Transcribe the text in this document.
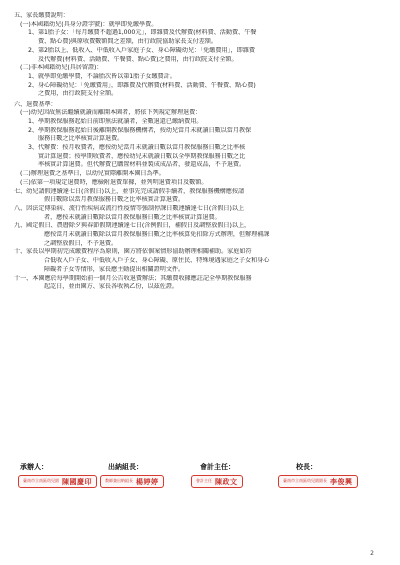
五、家長繳費說明：
(一)本國籍幼兒(具身分證字號)：就學即免繳學費。
1、第1胎子女：「每月繳費不超過1,000元」，即雜費及代辦費(材料費、活動費、午餐
費、點心費)與原收費數額間之差額，由行政院協助家長支付差額。
2、第2胎以上、低收入、中低收入戶家庭子女、身心障礙幼兒：「免繳費用」，即雜費
及代辦費(材料費、活動費、午餐費、點心費)之費用，由行政院支付全額。
(二)非本國籍幼兒(具居留證)：
1、就學即免繳學費，不論胎次皆以第1胎子女繳費計。
2、身心障礙幼兒：「免繳費用」，即雜費及代辦費(材料費、活動費、午餐費、點心費)
之費用，由行政院支付全額。
六、退費基準：
(一)幼兒因故無法繼續就讀而離開本園者，將依下列規定辦理退費：
1、學期教保服務起始日前即無法就讀者，全數退還已繳納費用。
2、學期教保服務起始日後離開教保服務機構者，按幼兒當月未就讀日數以當月教保
服務日數之比率核實計算退費。
3、代辦費：按月收費者，應按幼兒當月未就讀日數以當月教保服務日數之比率核
實計算退費；按學期收費者，應按幼兒未就讀日數以全學期教保服務日數之比
率核實計算退費。但代辦費已購置材料並製成成品者，發還成品，不予退費。
(二)辦理退費之基準日，以幼兒實際離開本園日為準。
(三)依第一項規定退費時，應檢附退費單據，並列明退費項目及數額。
七、幼兒請假連續達七日(含假日)以上，並事先完成請假手續者，教保服務機構應按請
假日數除以當月教保服務日數之比率核實計算退費。
八、因法定傳染病、流行性疾病或流行性疫情等強制停課日數連續達七日(含假日)以上
者，應按未就讀日數除以當月教保服務日數之比率核實計算退費。
九、國定假日、農曆除夕與春節假期連續達七日(含例假日，補假日及調整放假日)以上，
應按當月未就讀日數除以當月教保服務日數之比率核算免扣除方式辦理，但辦理補課
之調整放假日，不予退費。
十、家長以學期初完成繳費程序為原則，園方將依個案情形協助辦理相關補助。家庭如符
合低收入戶子女、中低收入戶子女、身心障礙、原住民、特殊境遇家庭之子女和身心
障礙者子女等情形，家長應主動提出相關證明文件。
十一、本園應於每學期開始前一個月公告收退費辦法；其繳費收據應註記全學期教保服務
起訖日，並由園方、家長各收執乙份，以茲佐證。
承辦人：
臺南市立南區幼兒園 陳國慶印
出納組長：
教師兼出納組長 楊婷婷
會計主任：
會計主任 陳政文
校長：
臺南市立南區幼兒園園長 李俊興
2
